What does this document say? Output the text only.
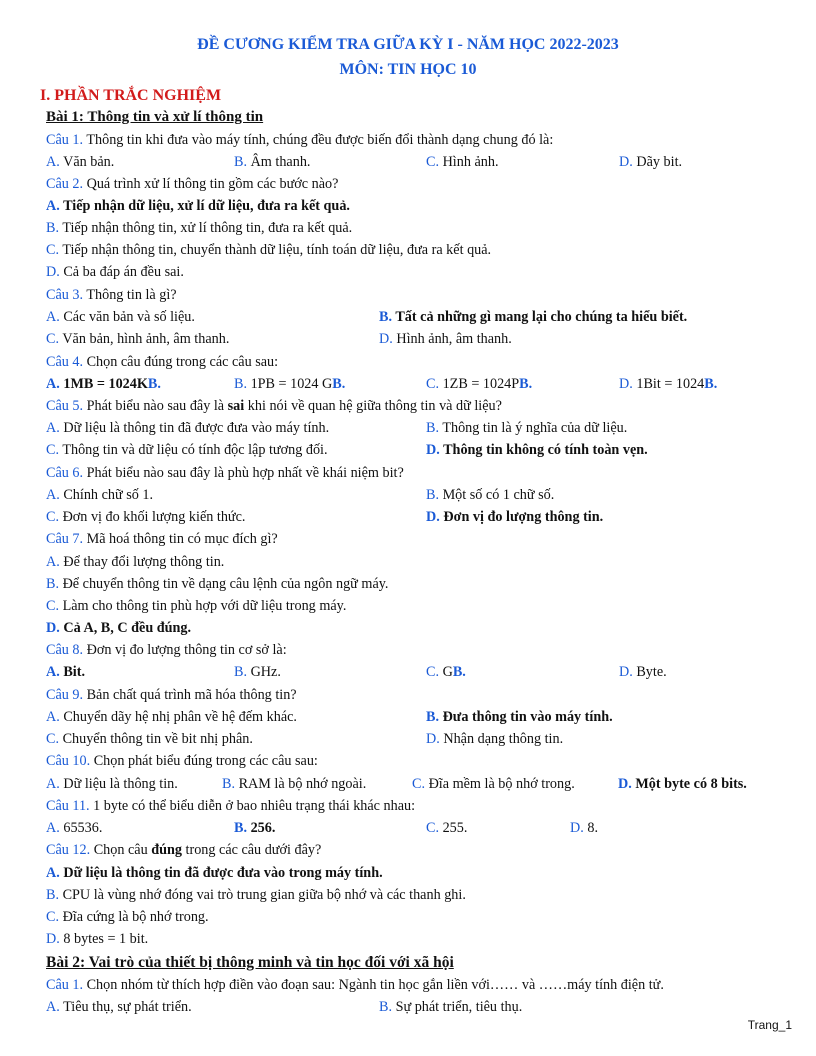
ĐỀ CƯƠNG KIỂM TRA GIỮA KỲ I - NĂM HỌC 2022-2023
MÔN: TIN HỌC 10
I. PHẦN TRẮC NGHIỆM
Bài 1: Thông tin và xử lí thông tin
Câu 1. Thông tin khi đưa vào máy tính, chúng đều được biến đổi thành dạng chung đó là:
A. Văn bản.	B. Âm thanh.	C. Hình ảnh.	D. Dãy bit.
Câu 2. Quá trình xử lí thông tin gồm các bước nào?
A. Tiếp nhận dữ liệu, xử lí dữ liệu, đưa ra kết quả.
B. Tiếp nhận thông tin, xử lí thông tin, đưa ra kết quả.
C. Tiếp nhận thông tin, chuyển thành dữ liệu, tính toán dữ liệu, đưa ra kết quả.
D. Cả ba đáp án đều sai.
Câu 3. Thông tin là gì?
A. Các văn bản và số liệu.	B. Tất cả những gì mang lại cho chúng ta hiểu biết.
C. Văn bản, hình ảnh, âm thanh.	D. Hình ảnh, âm thanh.
Câu 4. Chọn câu đúng trong các câu sau:
A. 1MB = 1024KB.	B. 1PB = 1024 GB.	C. 1ZB = 1024PB.	D. 1Bit = 1024B.
Câu 5. Phát biểu nào sau đây là sai khi nói về quan hệ giữa thông tin và dữ liệu?
A. Dữ liệu là thông tin đã được đưa vào máy tính.	B. Thông tin là ý nghĩa của dữ liệu.
C. Thông tin và dữ liệu có tính độc lập tương đối.	D. Thông tin không có tính toàn vẹn.
Câu 6. Phát biểu nào sau đây là phù hợp nhất về khái niệm bit?
A. Chính chữ số 1.	B. Một số có 1 chữ số.
C. Đơn vị đo khối lượng kiến thức.	D. Đơn vị đo lượng thông tin.
Câu 7. Mã hoá thông tin có mục đích gì?
A. Để thay đổi lượng thông tin.
B. Để chuyển thông tin về dạng câu lệnh của ngôn ngữ máy.
C. Làm cho thông tin phù hợp với dữ liệu trong máy.
D. Cả A, B, C đều đúng.
Câu 8. Đơn vị đo lượng thông tin cơ sở là:
A. Bit.	B. GHz.	C. GB.	D. Byte.
Câu 9. Bản chất quá trình mã hóa thông tin?
A. Chuyển dãy hệ nhị phân về hệ đếm khác.	B. Đưa thông tin vào máy tính.
C. Chuyển thông tin về bit nhị phân.	D. Nhận dạng thông tin.
Câu 10. Chọn phát biểu đúng trong các câu sau:
A. Dữ liệu là thông tin.	B. RAM là bộ nhớ ngoài.	C. Đĩa mềm là bộ nhớ trong.	D. Một byte có 8 bits.
Câu 11. 1 byte có thể biểu diễn ở bao nhiêu trạng thái khác nhau:
A. 65536.	B. 256.	C. 255.	D. 8.
Câu 12. Chọn câu đúng trong các câu dưới đây?
A. Dữ liệu là thông tin đã được đưa vào trong máy tính.
B. CPU là vùng nhớ đóng vai trò trung gian giữa bộ nhớ và các thanh ghi.
C. Đĩa cứng là bộ nhớ trong.
D. 8 bytes = 1 bit.
Bài 2: Vai trò của thiết bị thông minh và tin học đối với xã hội
Câu 1. Chọn nhóm từ thích hợp điền vào đoạn sau: Ngành tin học gắn liền với…… và ……máy tính điện tử.
A. Tiêu thụ, sự phát triển.	B. Sự phát triển, tiêu thụ.
Trang_1
